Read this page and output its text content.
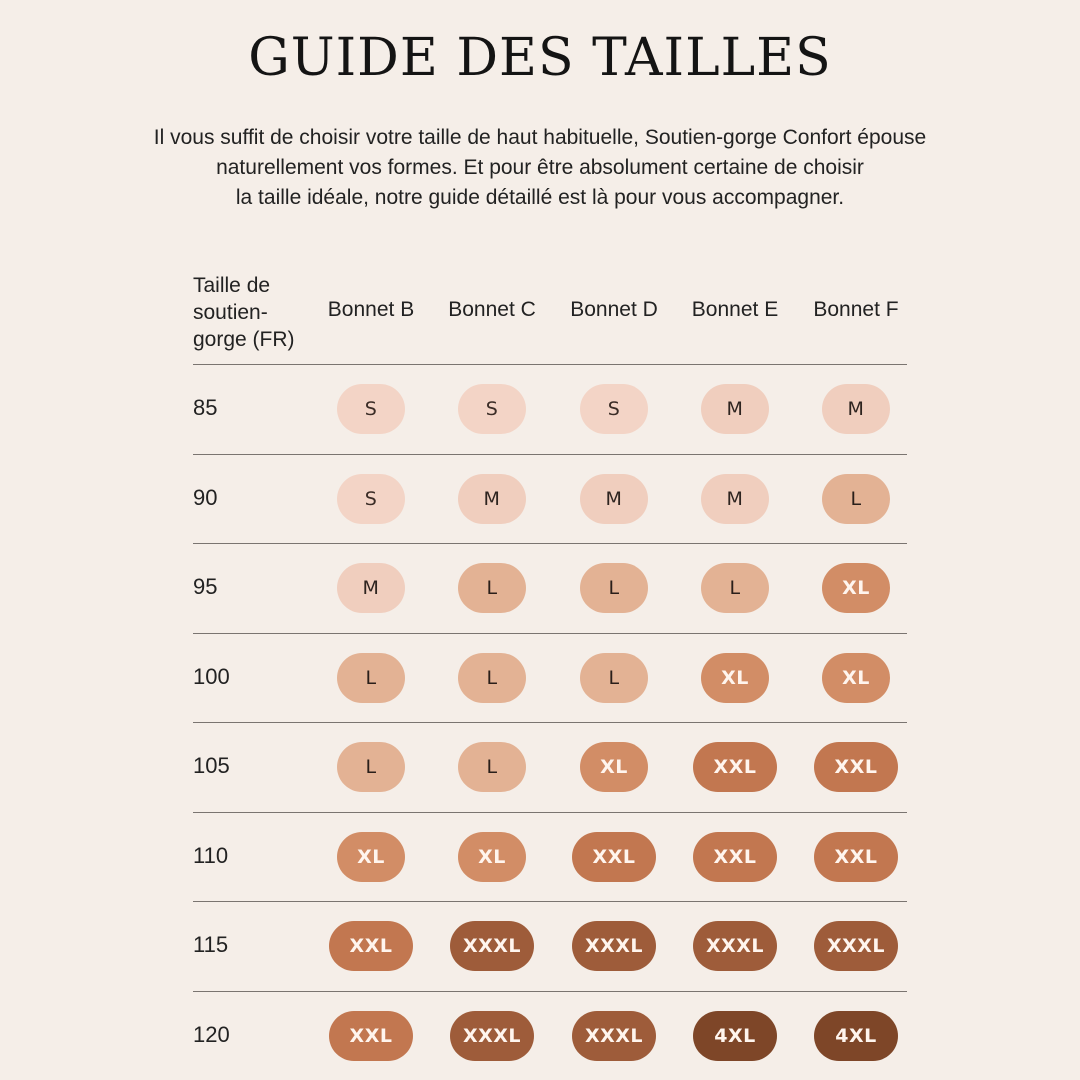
GUIDE DES TAILLES
Il vous suffit de choisir votre taille de haut habituelle, Soutien-gorge Confort épouse
naturellement vos formes. Et pour être absolument certaine de choisir
la taille idéale, notre guide détaillé est là pour vous accompagner.
Taille de
soutien-
gorge (FR)
Bonnet B	Bonnet C	Bonnet D	Bonnet E	Bonnet F
85	S	S	S	M	M
90	S	M	M	M	L
95	M	L	L	L	XL
100	L	L	L	XL	XL
105	L	L	XL	XXL	XXL
110	XL	XL	XXL	XXL	XXL
115	XXL	XXXL	XXXL	XXXL	XXXL
120	XXL	XXXL	XXXL	4XL	4XL
